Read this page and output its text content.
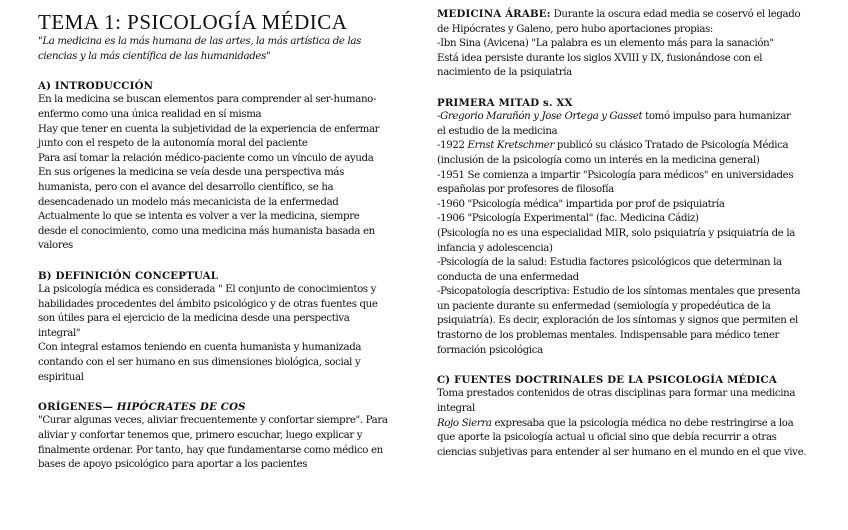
TEMA 1: PSICOLOGÍA MÉDICA
"La medicina es la más humana de las artes, la más artística de las
ciencias y la más científica de las humanidades"
A) INTRODUCCIÓN
En la medicina se buscan elementos para comprender al ser-humano-
enfermo como una única realidad en sí misma
Hay que tener en cuenta la subjetividad de la experiencia de enfermar
junto con el respeto de la autonomía moral del paciente
Para así tomar la relación médico-paciente como un vínculo de ayuda
En sus orígenes la medicina se veía desde una perspectiva más
humanista, pero con el avance del desarrollo científico, se ha
desencadenado un modelo más mecanicista de la enfermedad
Actualmente lo que se intenta es volver a ver la medicina, siempre
desde el conocimiento, como una medicina más humanista basada en
valores
B) DEFINICIÓN CONCEPTUAL
La psicología médica es considerada " El conjunto de conocimientos y
habilidades procedentes del ámbito psicológico y de otras fuentes que
son útiles para el ejercicio de la medicina desde una perspectiva
integral"
Con integral estamos teniendo en cuenta humanista y humanizada
contando con el ser humano en sus dimensiones biológica, social y
espiritual
ORÍGENES— HIPÓCRATES DE COS
"Curar algunas veces, aliviar frecuentemente y confortar siempre". Para
aliviar y confortar tenemos que, primero escuchar, luego explicar y
finalmente ordenar. Por tanto, hay que fundamentarse como médico en
bases de apoyo psicológico para aportar a los pacientes
MEDICINA ÁRABE: Durante la oscura edad media se coservó el legado
de Hipócrates y Galeno, pero hubo aportaciones propias:
-Ibn Sina (Avicena) "La palabra es un elemento más para la sanación"
Está idea persiste durante los siglos XVIII y IX, fusionándose con el
nacimiento de la psiquiatría
PRIMERA MITAD s. XX
-Gregorio Marañón y Jose Ortega y Gasset tomó impulso para humanizar
el estudio de la medicina
-1922 Ernst Kretschmer publicó su clásico Tratado de Psicología Médica
(inclusión de la psicología como un interés en la medicina general)
-1951 Se comienza a impartir "Psicología para médicos" en universidades
españolas por profesores de filosofía
-1960 "Psicología médica" impartida por prof de psiquiatría
-1906 "Psicología Experimental" (fac. Medicina Cádiz)
(Psicología no es una especialidad MIR, solo psiquiatría y psiquiatría de la
infancia y adolescencia)
-Psicología de la salud: Estudia factores psicológicos que determinan la
conducta de una enfermedad
-Psicopatología descriptiva: Estudio de los síntomas mentales que presenta
un paciente durante su enfermedad (semiología y propedéutica de la
psiquiatría). Es decir, exploración de los síntomas y signos que permiten el
trastorno de los problemas mentales. Indispensable para médico tener
formación psicológica
C) FUENTES DOCTRINALES DE LA PSICOLOGÍA MÉDICA
Toma prestados contenidos de otras disciplinas para formar una medicina
integral
Rojo Sierra expresaba que la psicología médica no debe restringirse a loa
que aporte la psicología actual u oficial sino que debía recurrir a otras
ciencias subjetivas para entender al ser humano en el mundo en el que vive.
